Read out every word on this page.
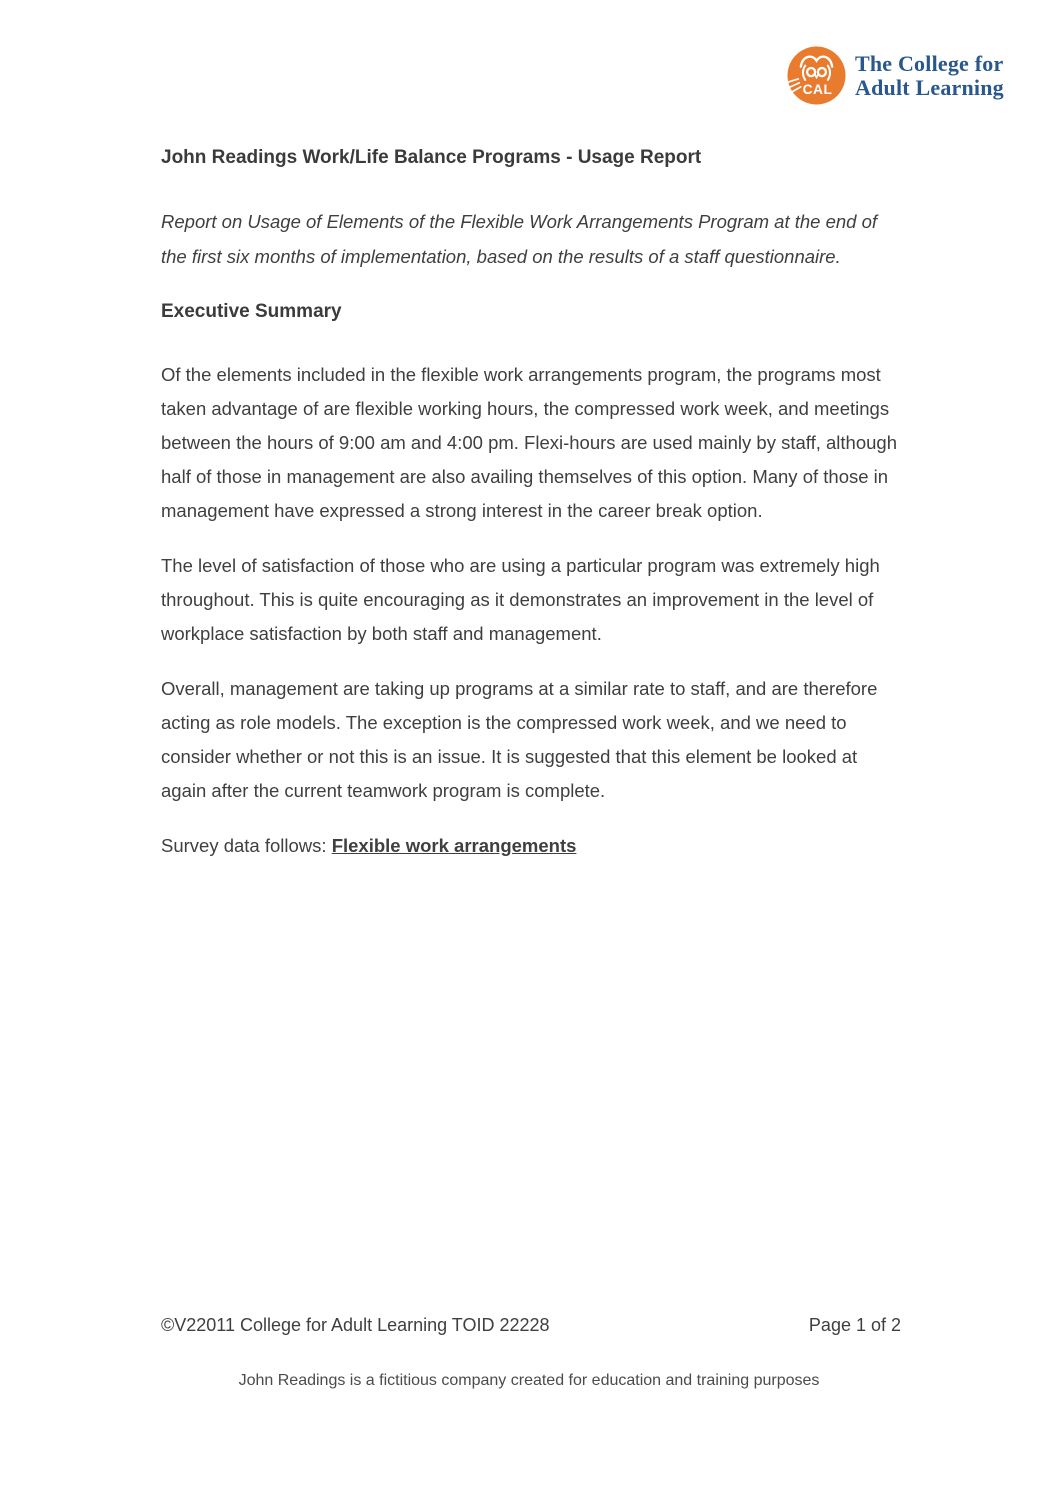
CAL
The College for
Adult Learning
John Readings Work/Life Balance Programs - Usage Report

Report on Usage of Elements of the Flexible Work Arrangements Program at the end of the first six months of implementation, based on the results of a staff questionnaire.

Executive Summary

Of the elements included in the flexible work arrangements program, the programs most taken advantage of are flexible working hours, the compressed work week, and meetings between the hours of 9:00 am and 4:00 pm. Flexi-hours are used mainly by staff, although half of those in management are also availing themselves of this option. Many of those in management have expressed a strong interest in the career break option.

The level of satisfaction of those who are using a particular program was extremely high throughout. This is quite encouraging as it demonstrates an improvement in the level of workplace satisfaction by both staff and management.

Overall, management are taking up programs at a similar rate to staff, and are therefore acting as role models. The exception is the compressed work week, and we need to consider whether or not this is an issue. It is suggested that this element be looked at again after the current teamwork program is complete.

Survey data follows: Flexible work arrangements

©V22011 College for Adult Learning TOID 22228	Page 1 of 2
John Readings is a fictitious company created for education and training purposes
